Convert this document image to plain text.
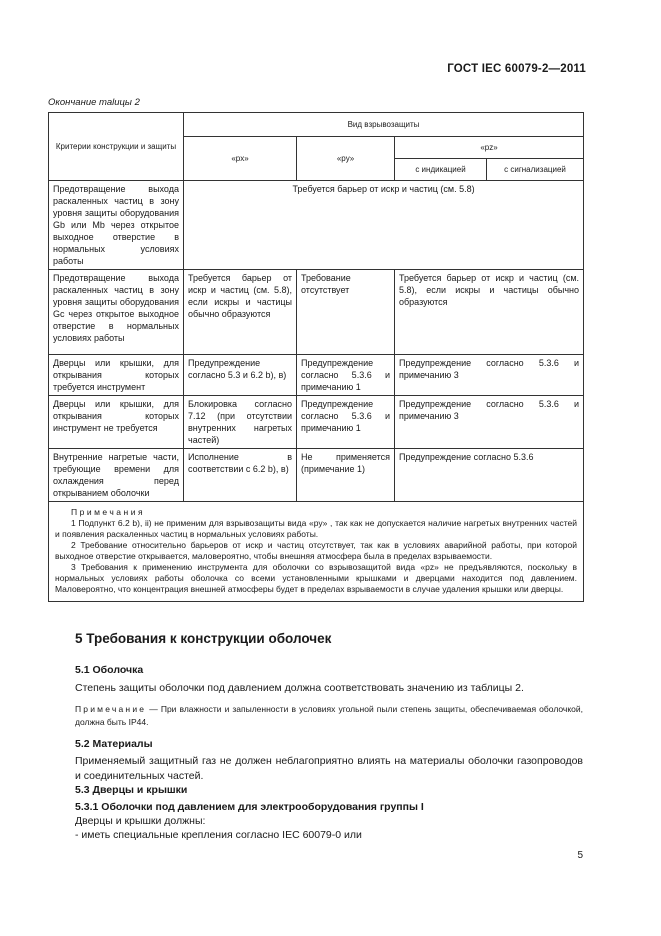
ГОСТ IEC 60079-2—2011
Окончание таlицы 2
Критерии конструкции и защиты	Вид взрывозащиты			
	«px»	«py»	«pz»	
			с индикацией	с сигнализацией
Предотвращение выхода раскаленных частиц в зону уровня защиты оборудования Gb или Mb через открытое выходное отверстие в нормальных условиях работы	Требуется барьер от искр и частиц (см. 5.8)			
Предотвращение выхода раскаленных частиц в зону уровня защиты оборудования Gc через открытое выходное отверстие в нормальных условиях работы	Требуется барьер от искр и частиц (см. 5.8), если искры и частицы обычно образуются	Требование отсутствует	Требуется барьер от искр и частиц (см. 5.8), если искры и частицы обычно образуются	
Дверцы или крышки, для открывания которых требуется инструмент	Предупреждение согласно 5.3 и 6.2 b), в)	Предупреждение согласно 5.3.6 и примечанию 1	Предупреждение согласно 5.3.6 и примечанию 3	
Дверцы или крышки, для открывания которых инструмент не требуется	Блокировка согласно 7.12 (при отсутствии внутренних нагретых частей)	Предупреждение согласно 5.3.6 и примечанию 1	Предупреждение согласно 5.3.6 и примечанию 3	
Внутренние нагретые части, требующие времени для охлаждения перед открыванием оболочки	Исполнение в соответствии с 6.2 b), в)	Не применяется (примечание 1)	Предупреждение согласно 5.3.6	

Примечания

1 Подпункт 6.2 b), ii) не применим для взрывозащиты вида «py» , так как не допускается наличие нагретых внутренних частей и появления раскаленных частиц в нормальных условиях работы.

2 Требование относительно барьеров от искр и частиц отсутствует, так как в условиях аварийной работы, при которой выходное отверстие открывается, маловероятно, чтобы внешняя атмосфера была в пределах взрываемости.

3 Требования к применению инструмента для оболочки со взрывозащитой вида «pz» не предъявляются, поскольку в нормальных условиях работы оболочка со всеми установленными крышками и дверцами находится под давлением. Маловероятно, что концентрация внешней атмосферы будет в пределах взрываемости в случае удаления крышки или дверцы.				

5 Требования к конструкции оболочек
5.1 Оболочка

Степень защиты оболочки под давлением должна соответствовать значению из таблицы 2.

Примечание — При влажности и запыленности в условиях угольной пыли степень защиты, обеспечиваемая оболочкой, должна быть IP44.

5.2 Материалы

Применяемый защитный газ не должен неблагоприятно влиять на материалы оболочки газопроводов и соединительных частей.

5.3 Дверцы и крышки
5.3.1 Оболочки под давлением для электрооборудования группы I

Дверцы и крышки должны:

- иметь специальные крепления согласно IEC 60079-0 или

5
